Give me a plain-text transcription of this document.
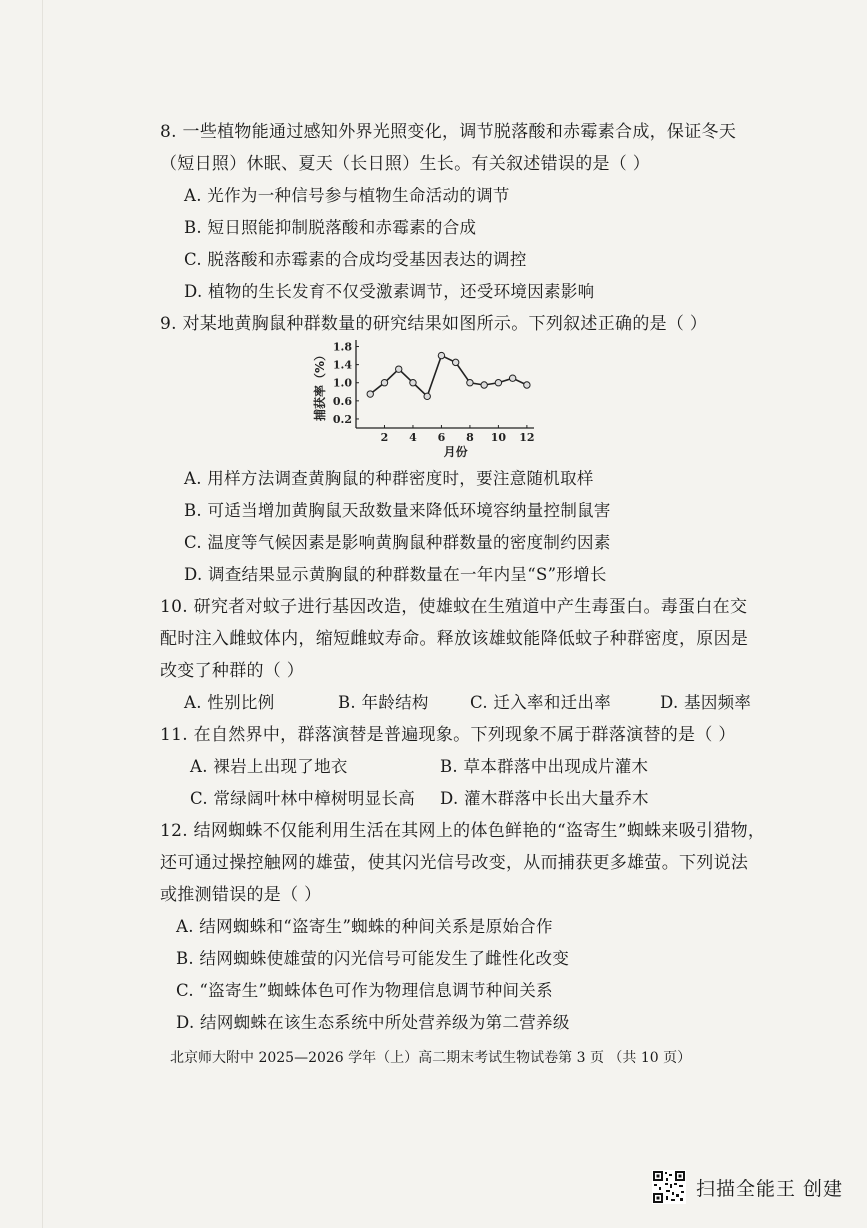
8. 一些植物能通过感知外界光照变化，调节脱落酸和赤霉素合成，保证冬天
（短日照）休眠、夏天（长日照）生长。有关叙述错误的是（ ）
A. 光作为一种信号参与植物生命活动的调节
B. 短日照能抑制脱落酸和赤霉素的合成
C. 脱落酸和赤霉素的合成均受基因表达的调控
D. 植物的生长发育不仅受激素调节，还受环境因素影响
9. 对某地黄胸鼠种群数量的研究结果如图所示。下列叙述正确的是（ ）
0.2
0.6
1.0
1.4
1.8
2 4 6 8 10 12
捕获率（%）
月份
A. 用样方法调查黄胸鼠的种群密度时，要注意随机取样
B. 可适当增加黄胸鼠天敌数量来降低环境容纳量控制鼠害
C. 温度等气候因素是影响黄胸鼠种群数量的密度制约因素
D. 调查结果显示黄胸鼠的种群数量在一年内呈“S”形增长
10. 研究者对蚊子进行基因改造，使雄蚊在生殖道中产生毒蛋白。毒蛋白在交
配时注入雌蚊体内，缩短雌蚊寿命。释放该雄蚊能降低蚊子种群密度，原因是
改变了种群的（ ）
A. 性别比例	B. 年龄结构	C. 迁入率和迁出率	D. 基因频率
11. 在自然界中，群落演替是普遍现象。下列现象不属于群落演替的是（ ）
A. 裸岩上出现了地衣	B. 草本群落中出现成片灌木
C. 常绿阔叶林中樟树明显长高 D. 灌木群落中长出大量乔木
12. 结网蜘蛛不仅能利用生活在其网上的体色鲜艳的“盗寄生”蜘蛛来吸引猎物，
还可通过操控触网的雄萤，使其闪光信号改变，从而捕获更多雄萤。下列说法
或推测错误的是（ ）
A. 结网蜘蛛和“盗寄生”蜘蛛的种间关系是原始合作
B. 结网蜘蛛使雄萤的闪光信号可能发生了雌性化改变
C. “盗寄生”蜘蛛体色可作为物理信息调节种间关系
D. 结网蜘蛛在该生态系统中所处营养级为第二营养级
北京师大附中 2025—2026 学年（上）高二期末考试生物试卷第 3 页 （共 10 页）
扫描全能王 创建
